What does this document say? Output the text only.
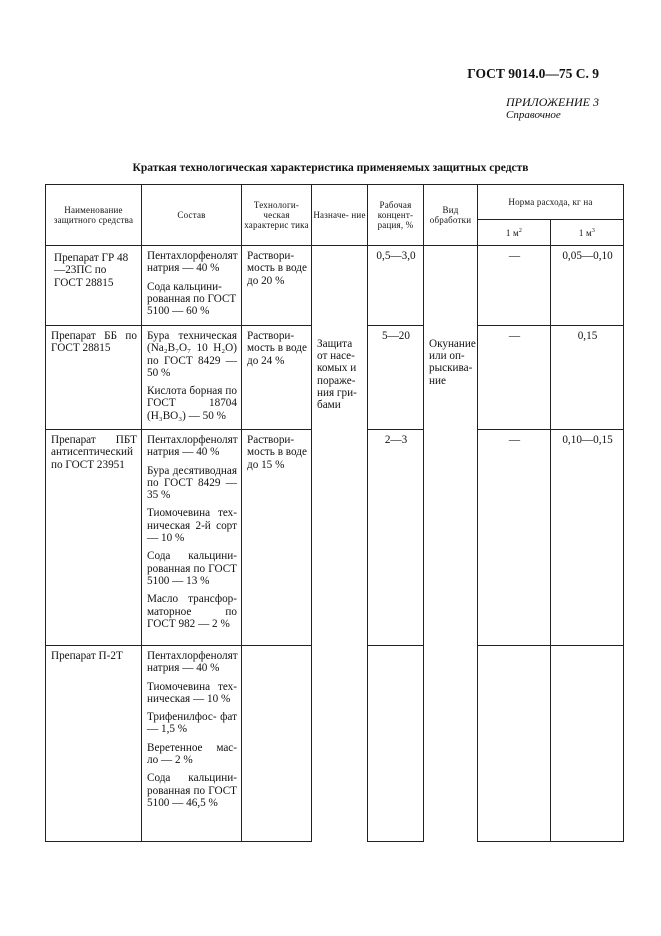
ГОСТ 9014.0—75 С. 9
ПРИЛОЖЕНИЕ 3
Справочное
Краткая технологическая характеристика применяемых защитных средств
Наименование защитного средства	Состав	Технологи- ческая характерис тика	Назначе- ние	Рабочая концент- рация, %	Вид обработки	Норма расхода, кг на	
						1 $м^2$	1 $м^3$

Препарат ГР 48—23ПС по ГОСТ 28815	Пентахлорфенолят натрия — 40 %
Сода кальцини- рованная по ГОСТ 5100 — 60 %	Раствори- мость в воде до 20 %	Защита от насе- комых и пораже- ния гри- бами	0,5—3,0	Окунание или оп- рыскива- ние	—	0,05—0,10

Препарат ББ по ГОСТ 28815	Бура техническая (Na₂B₇O₇ 10 H₂O) по ГОСТ 8429 — 50 %
Кислота борная по ГОСТ 18704 (H₃BO₃) — 50 %	Раствори- мость в воде до 24 %		5—20		—	0,15

Препарат ПБТ антисептический по ГОСТ 23951	Пентахлорфенолят натрия — 40 %
Бура десятиводная по ГОСТ 8429 — 35 %
Тиомочевина тех- ническая 2-й сорт — 10 %
Сода кальцини- рованная по ГОСТ 5100 — 13 %
Масло трансфор- маторное по ГОСТ 982 — 2 %	Раствори- мость в воде до 15 %		2—3		—	0,10—0,15

Препарат П-2Т	Пентахлорфенолят натрия — 40 %
Тиомочевина тех- ническая — 10 %
Трифенилфос- фат — 1,5 %
Веретенное мас- ло — 2 %
Сода кальцини- рованная по ГОСТ 5100 — 46,5 %						
